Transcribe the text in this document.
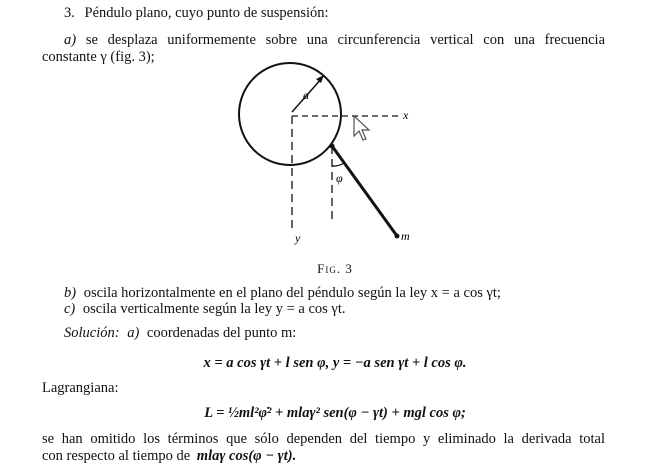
3. Péndulo plano, cuyo punto de suspensión:
a) se desplaza uniformemente sobre una circunferencia vertical con una frecuencia
constante γ (fig. 3);
a
x
y	m
φ
Fig. 3
b) oscila horizontalmente en el plano del péndulo según la ley x = a cos γt;
c) oscila verticalmente según la ley y = a cos γt.
Solución: a) coordenadas del punto m:
x = a cos γt + l sen φ, y = −a sen γt + l cos φ.
Lagrangiana:
L = ½ml²φ̇² + mlaγ² sen(φ − γt) + mgl cos φ;
se han omitido los términos que sólo dependen del tiempo y eliminado la derivada total
con respecto al tiempo de mlaγ cos(φ − γt).
